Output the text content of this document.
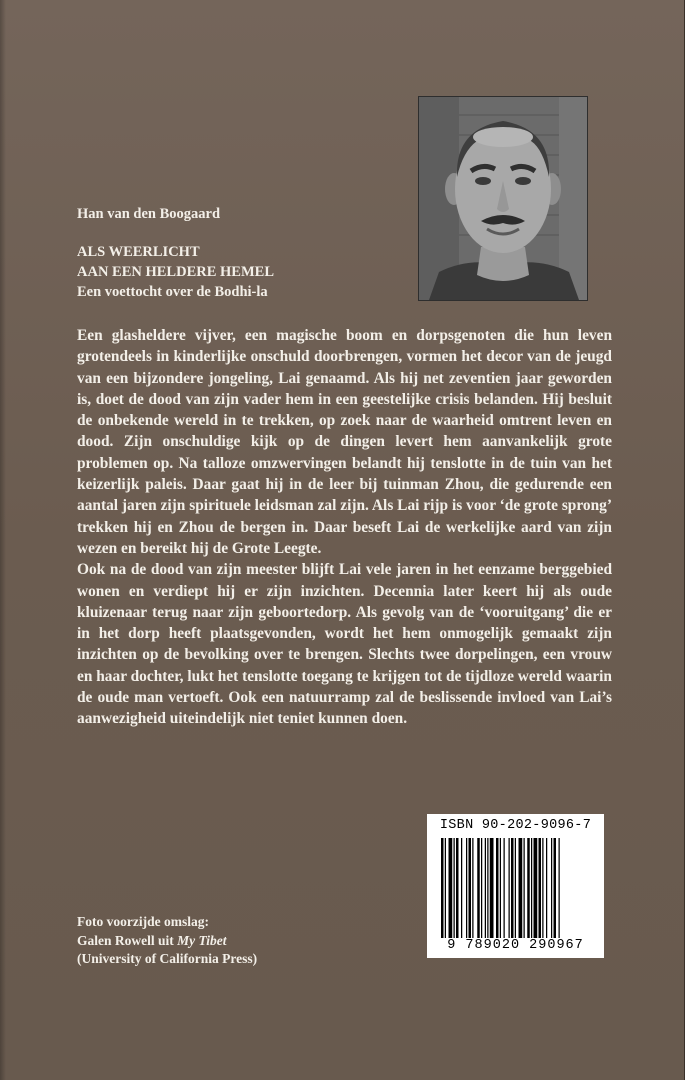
Han van den Boogaard
ALS WEERLICHT
AAN EEN HELDERE HEMEL
Een voettocht over de Bodhi-la

Een glasheldere vijver, een magische boom en dorpsgenoten die hun leven grotendeels in kinderlijke onschuld doorbrengen, vormen het decor van de jeugd van een bijzondere jongeling, Lai genaamd. Als hij net zeventien jaar geworden is, doet de dood van zijn vader hem in een geestelijke crisis belanden. Hij besluit de onbekende wereld in te trekken, op zoek naar de waarheid omtrent leven en dood. Zijn onschuldige kijk op de dingen levert hem aanvankelijk grote problemen op. Na talloze omzwervingen belandt hij tenslotte in de tuin van het keizerlijk paleis. Daar gaat hij in de leer bij tuinman Zhou, die gedurende een aantal jaren zijn spirituele leidsman zal zijn. Als Lai rijp is voor ‘de grote sprong’ trekken hij en Zhou de bergen in. Daar beseft Lai de werkelijke aard van zijn wezen en bereikt hij de Grote Leegte.

Ook na de dood van zijn meester blijft Lai vele jaren in het eenzame berggebied wonen en verdiept hij er zijn inzichten. Decennia later keert hij als oude kluizenaar terug naar zijn geboortedorp. Als gevolg van de ‘vooruitgang’ die er in het dorp heeft plaatsgevonden, wordt het hem onmogelijk gemaakt zijn inzichten op de bevolking over te brengen. Slechts twee dorpelingen, een vrouw en haar dochter, lukt het tenslotte toegang te krijgen tot de tijdloze wereld waarin de oude man vertoeft. Ook een natuurramp zal de beslissende invloed van Lai’s aanwezigheid uiteindelijk niet teniet kunnen doen.

ISBN 90-202-9096-7
9 789020 290967
Foto voorzijde omslag:
Galen Rowell uit My Tibet
(University of California Press)
